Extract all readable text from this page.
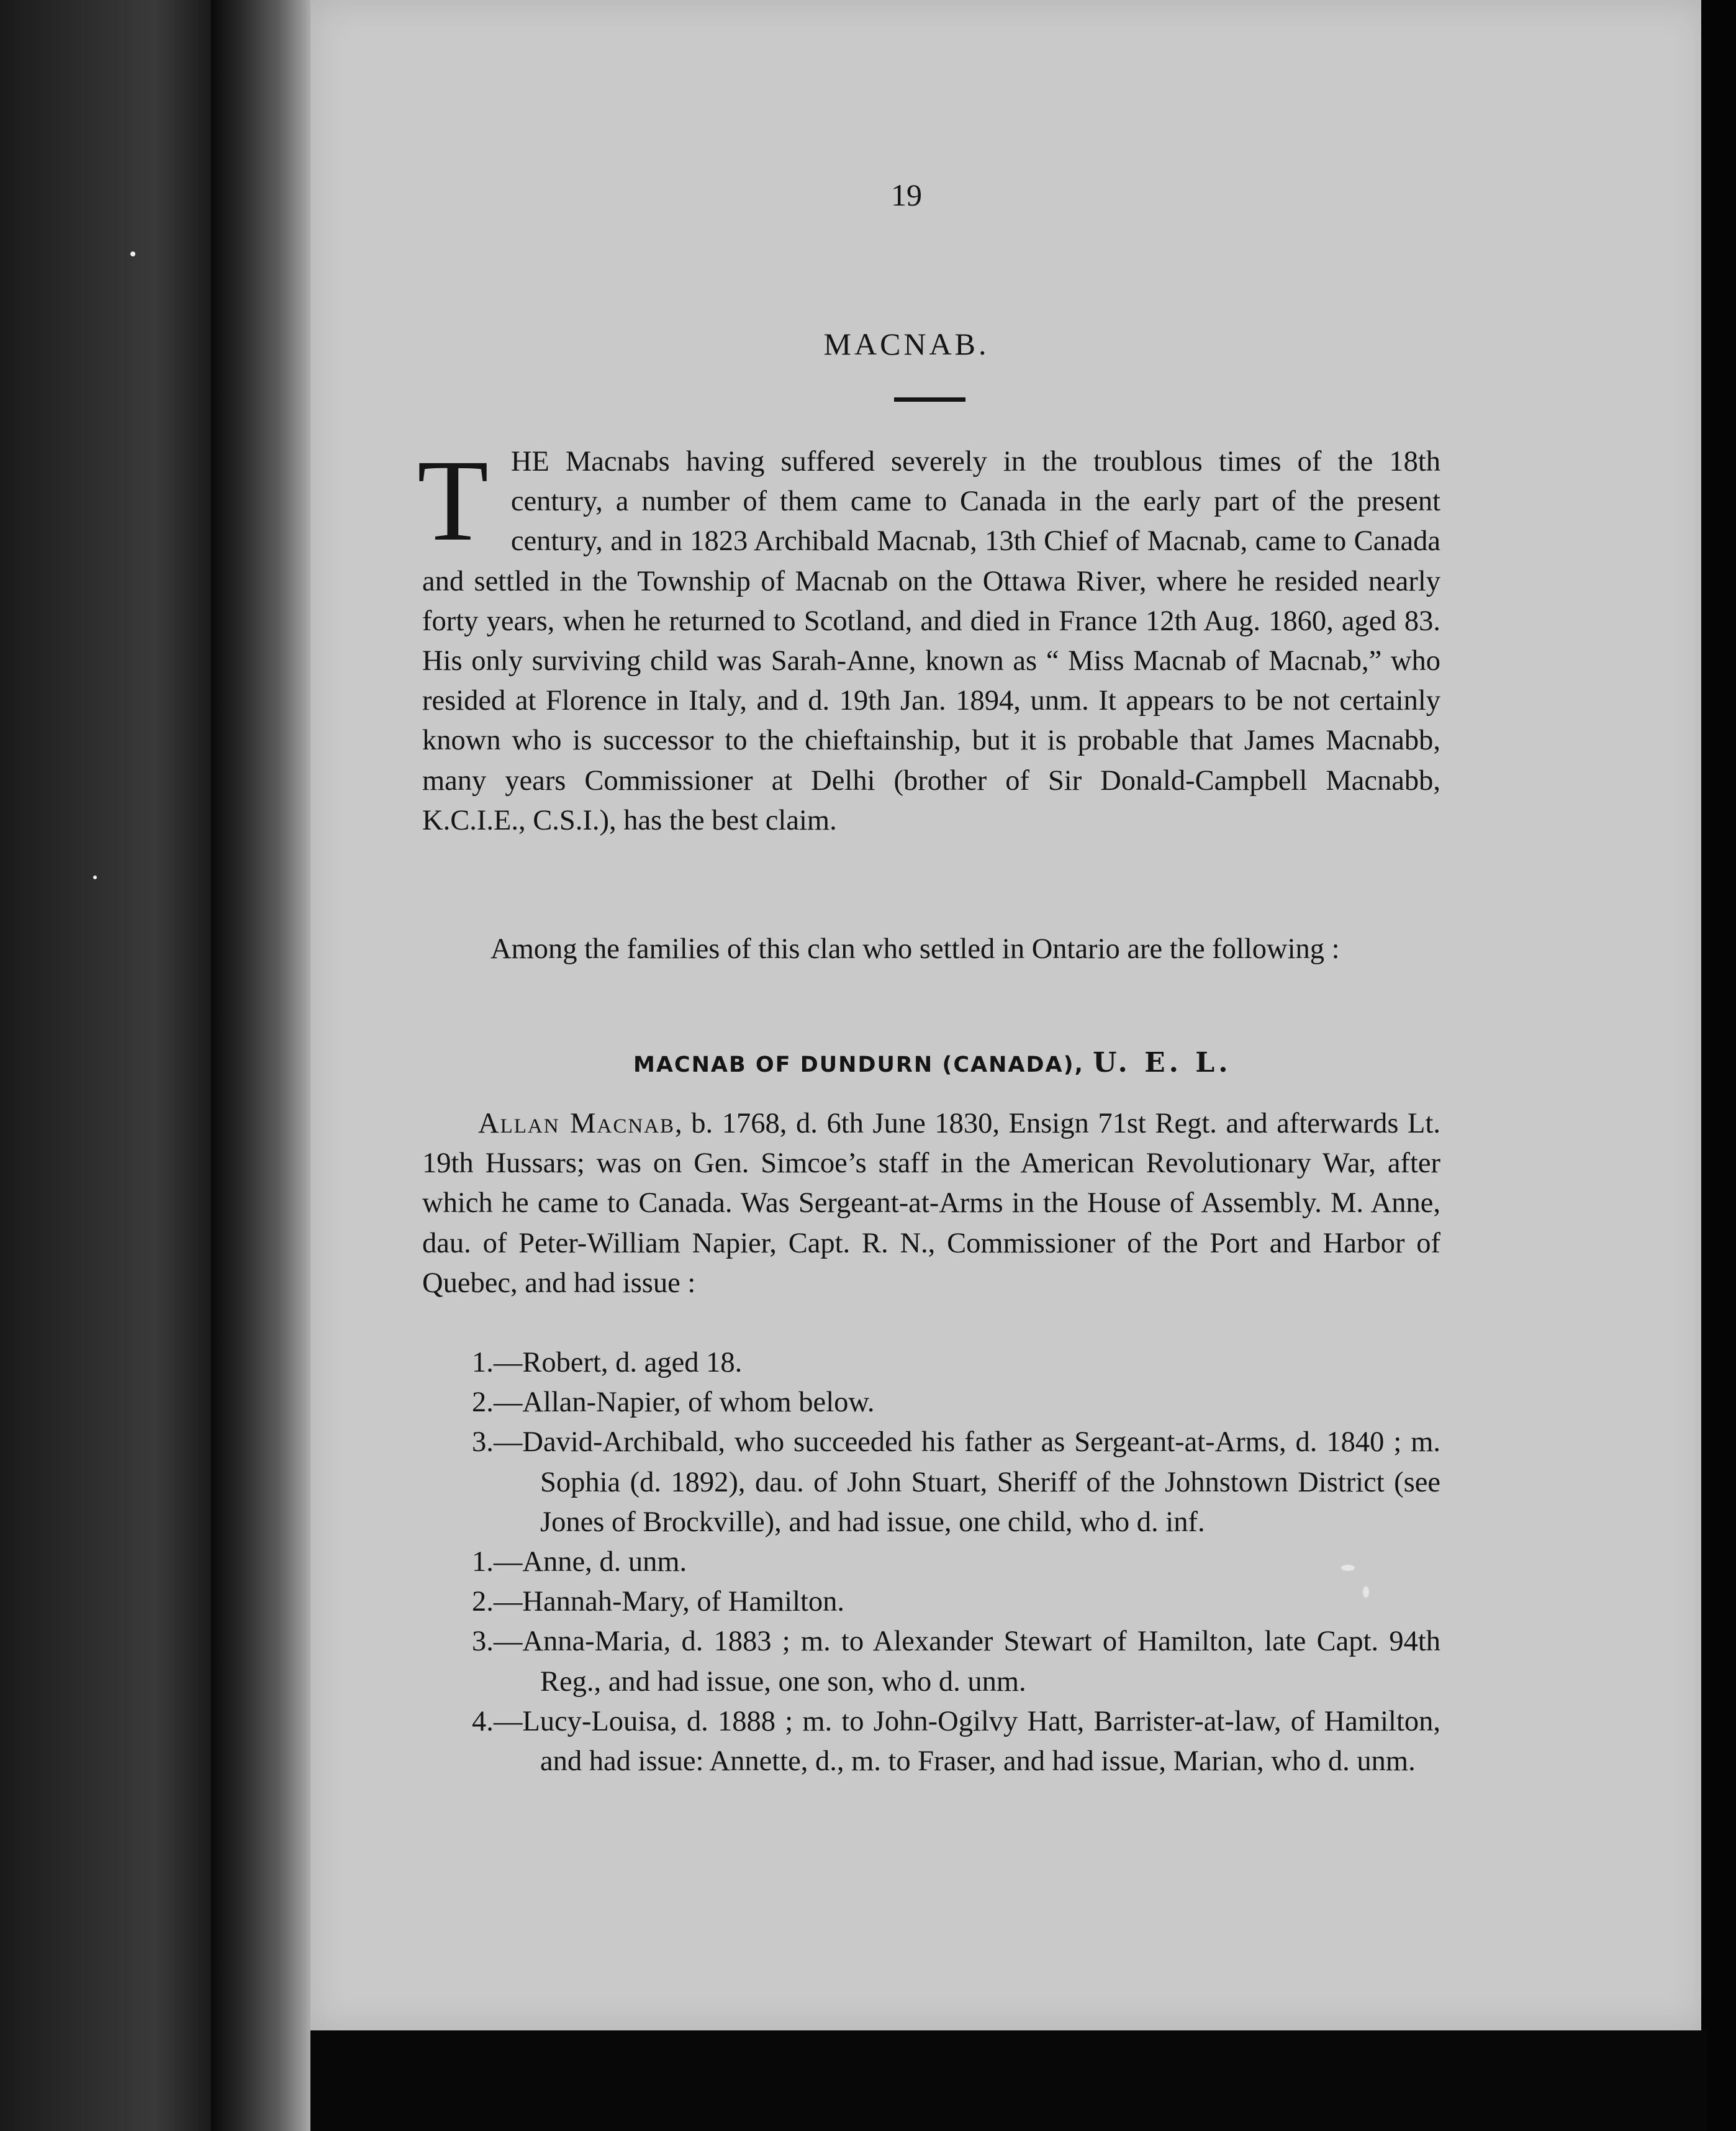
19
MACNAB.
T HE Macnabs having suffered severely in the troublous times of the 18th century, a number of them came to Canada in the early part of the present century, and in 1823 Archibald Macnab, 13th Chief of Macnab, came to Canada and settled in the Township of Macnab on the Ottawa River, where he resided nearly forty years, when he returned to Scotland, and died in France 12th Aug. 1860, aged 83. His only surviving child was Sarah-Anne, known as “ Miss Macnab of Macnab,” who resided at Florence in Italy, and d. 19th Jan. 1894, unm. It appears to be not certainly known who is successor to the chieftainship, but it is probable that James Macnabb, many years Commissioner at Delhi (brother of Sir Donald-Campbell Macnabb, K.C.I.E., C.S.I.), has the best claim.

Among the families of this clan who settled in Ontario are the following :

MACNAB OF DUNDURN (CANADA), U. E. L.

Allan Macnab, b. 1768, d. 6th June 1830, Ensign 71st Regt. and afterwards Lt. 19th Hussars; was on Gen. Simcoe’s staff in the American Revolutionary War, after which he came to Canada. Was Sergeant-at-Arms in the House of Assembly. M. Anne, dau. of Peter-William Napier, Capt. R. N., Commissioner of the Port and Harbor of Quebec, and had issue :

1.—Robert, d. aged 18.
2.—Allan-Napier, of whom below.
3.—David-Archibald, who succeeded his father as Sergeant-at-Arms, d. 1840 ; m. Sophia (d. 1892), dau. of John Stuart, Sheriff of the Johnstown District (see Jones of Brockville), and had issue, one child, who d. inf.
1.—Anne, d. unm.
2.—Hannah-Mary, of Hamilton.
3.—Anna-Maria, d. 1883 ; m. to Alexander Stewart of Hamilton, late Capt. 94th Reg., and had issue, one son, who d. unm.
4.—Lucy-Louisa, d. 1888 ; m. to John-Ogilvy Hatt, Barrister-at-law, of Hamilton, and had issue: Annette, d., m. to Fraser, and had issue, Marian, who d. unm.
